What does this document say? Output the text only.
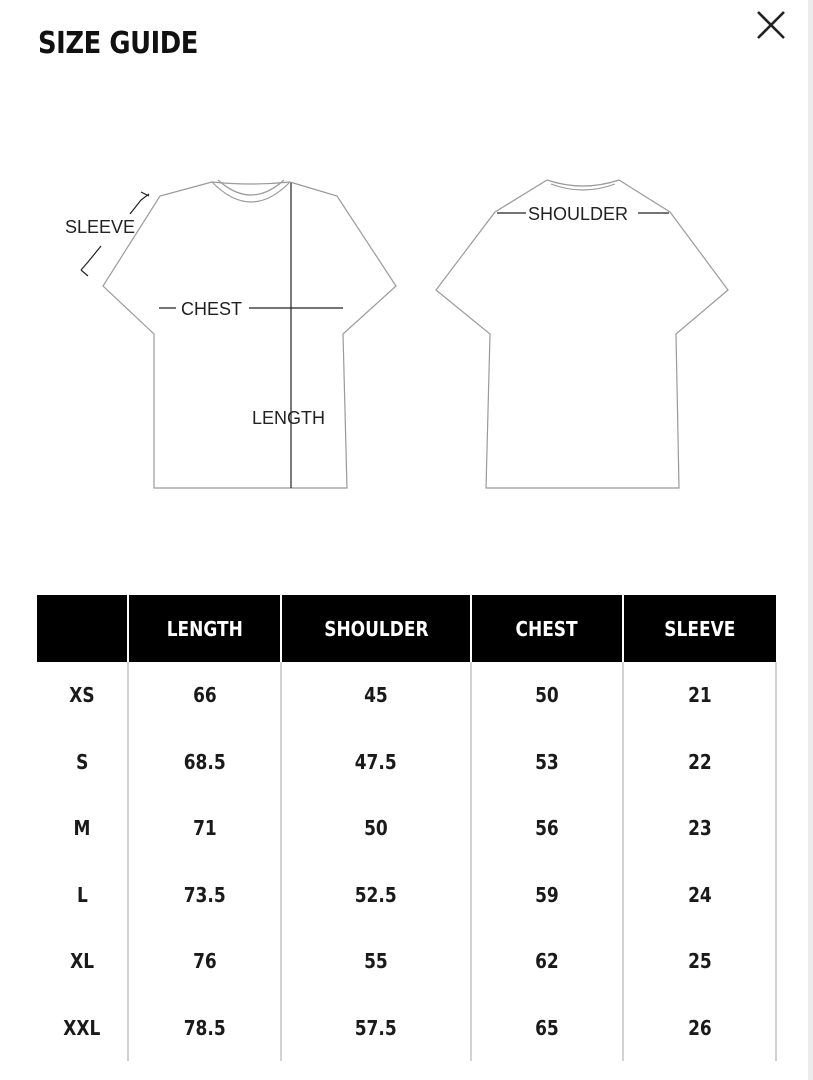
SIZE GUIDE
SLEEVE
CHEST
LENGTH
SHOULDER
	LENGTH	SHOULDER	CHEST	SLEEVE
XS	66	45	50	21
S	68.5	47.5	53	22
M	71	50	56	23
L	73.5	52.5	59	24
XL	76	55	62	25
XXL	78.5	57.5	65	26
